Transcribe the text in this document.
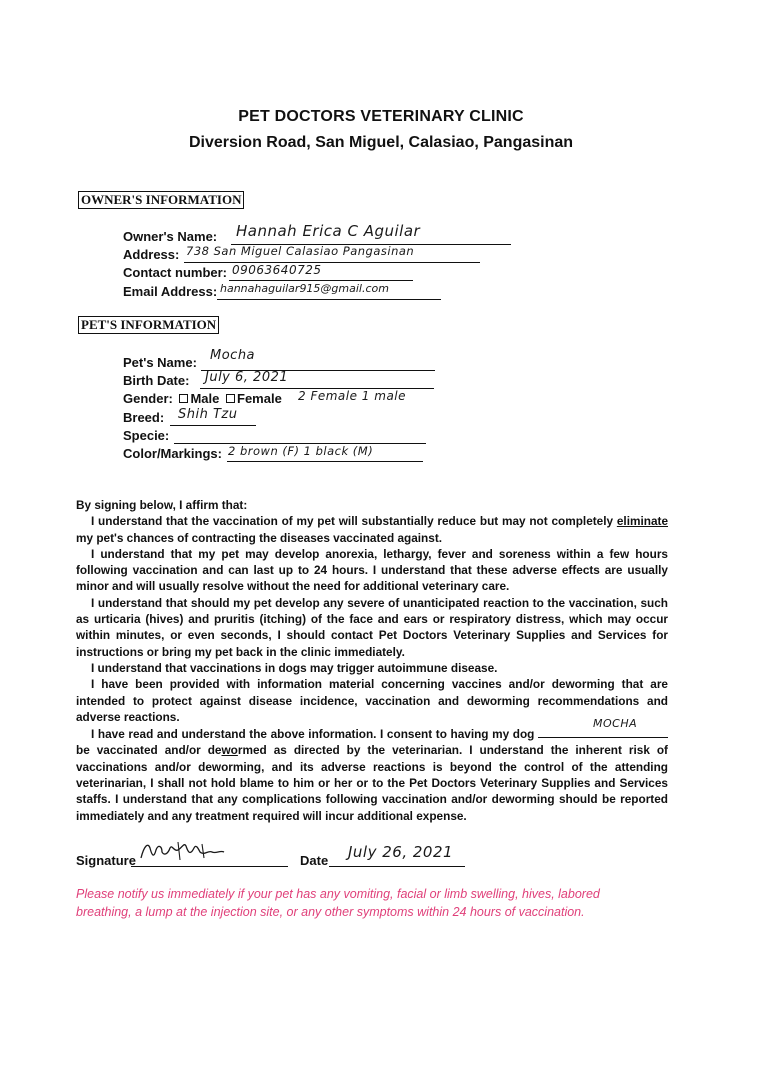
PET DOCTORS VETERINARY CLINIC
Diversion Road, San Miguel, Calasiao, Pangasinan
OWNER'S INFORMATION
Owner's Name: Hannah Erica C Aguilar
Address: 738 San Miguel Calasiao Pangasinan
Contact number: 09063640725
Email Address: hannahaguilar915@gmail.com
PET'S INFORMATION
Pet's Name: Mocha
Birth Date: July 6, 2021
Gender: Male Female 2 Female 1 male
Breed: Shih Tzu
Specie:
Color/Markings: 2 brown (F) 1 black (M)

By signing below, I affirm that:

I understand that the vaccination of my pet will substantially reduce but may not completely eliminate my pet's chances of contracting the diseases vaccinated against.

I understand that my pet may develop anorexia, lethargy, fever and soreness within a few hours following vaccination and can last up to 24 hours. I understand that these adverse effects are usually minor and will usually resolve without the need for additional veterinary care.

I understand that should my pet develop any severe of unanticipated reaction to the vaccination, such as urticaria (hives) and pruritis (itching) of the face and ears or respiratory distress, which may occur within minutes, or even seconds, I should contact Pet Doctors Veterinary Supplies and Services for instructions or bring my pet back in the clinic immediately.

I understand that vaccinations in dogs may trigger autoimmune disease.

I have been provided with information material concerning vaccines and/or deworming that are intended to protect against disease incidence, vaccination and deworming recommendations and adverse reactions.

I have read and understand the above information. I consent to having my dog
MOCHA
be vaccinated and/or dewormed as directed by the veterinarian. I understand the inherent risk of vaccinations and/or deworming, and its adverse reactions is beyond the control of the attending veterinarian, I shall not hold blame to him or her or to the Pet Doctors Veterinary Supplies and Services staffs. I understand that any complications following vaccination and/or deworming should be reported immediately and any treatment required will incur additional expense.

Signature	Date July 26, 2021
Please notify us immediately if your pet has any vomiting, facial or limb swelling, hives, labored breathing, a lump at the injection site, or any other symptoms within 24 hours of vaccination.
